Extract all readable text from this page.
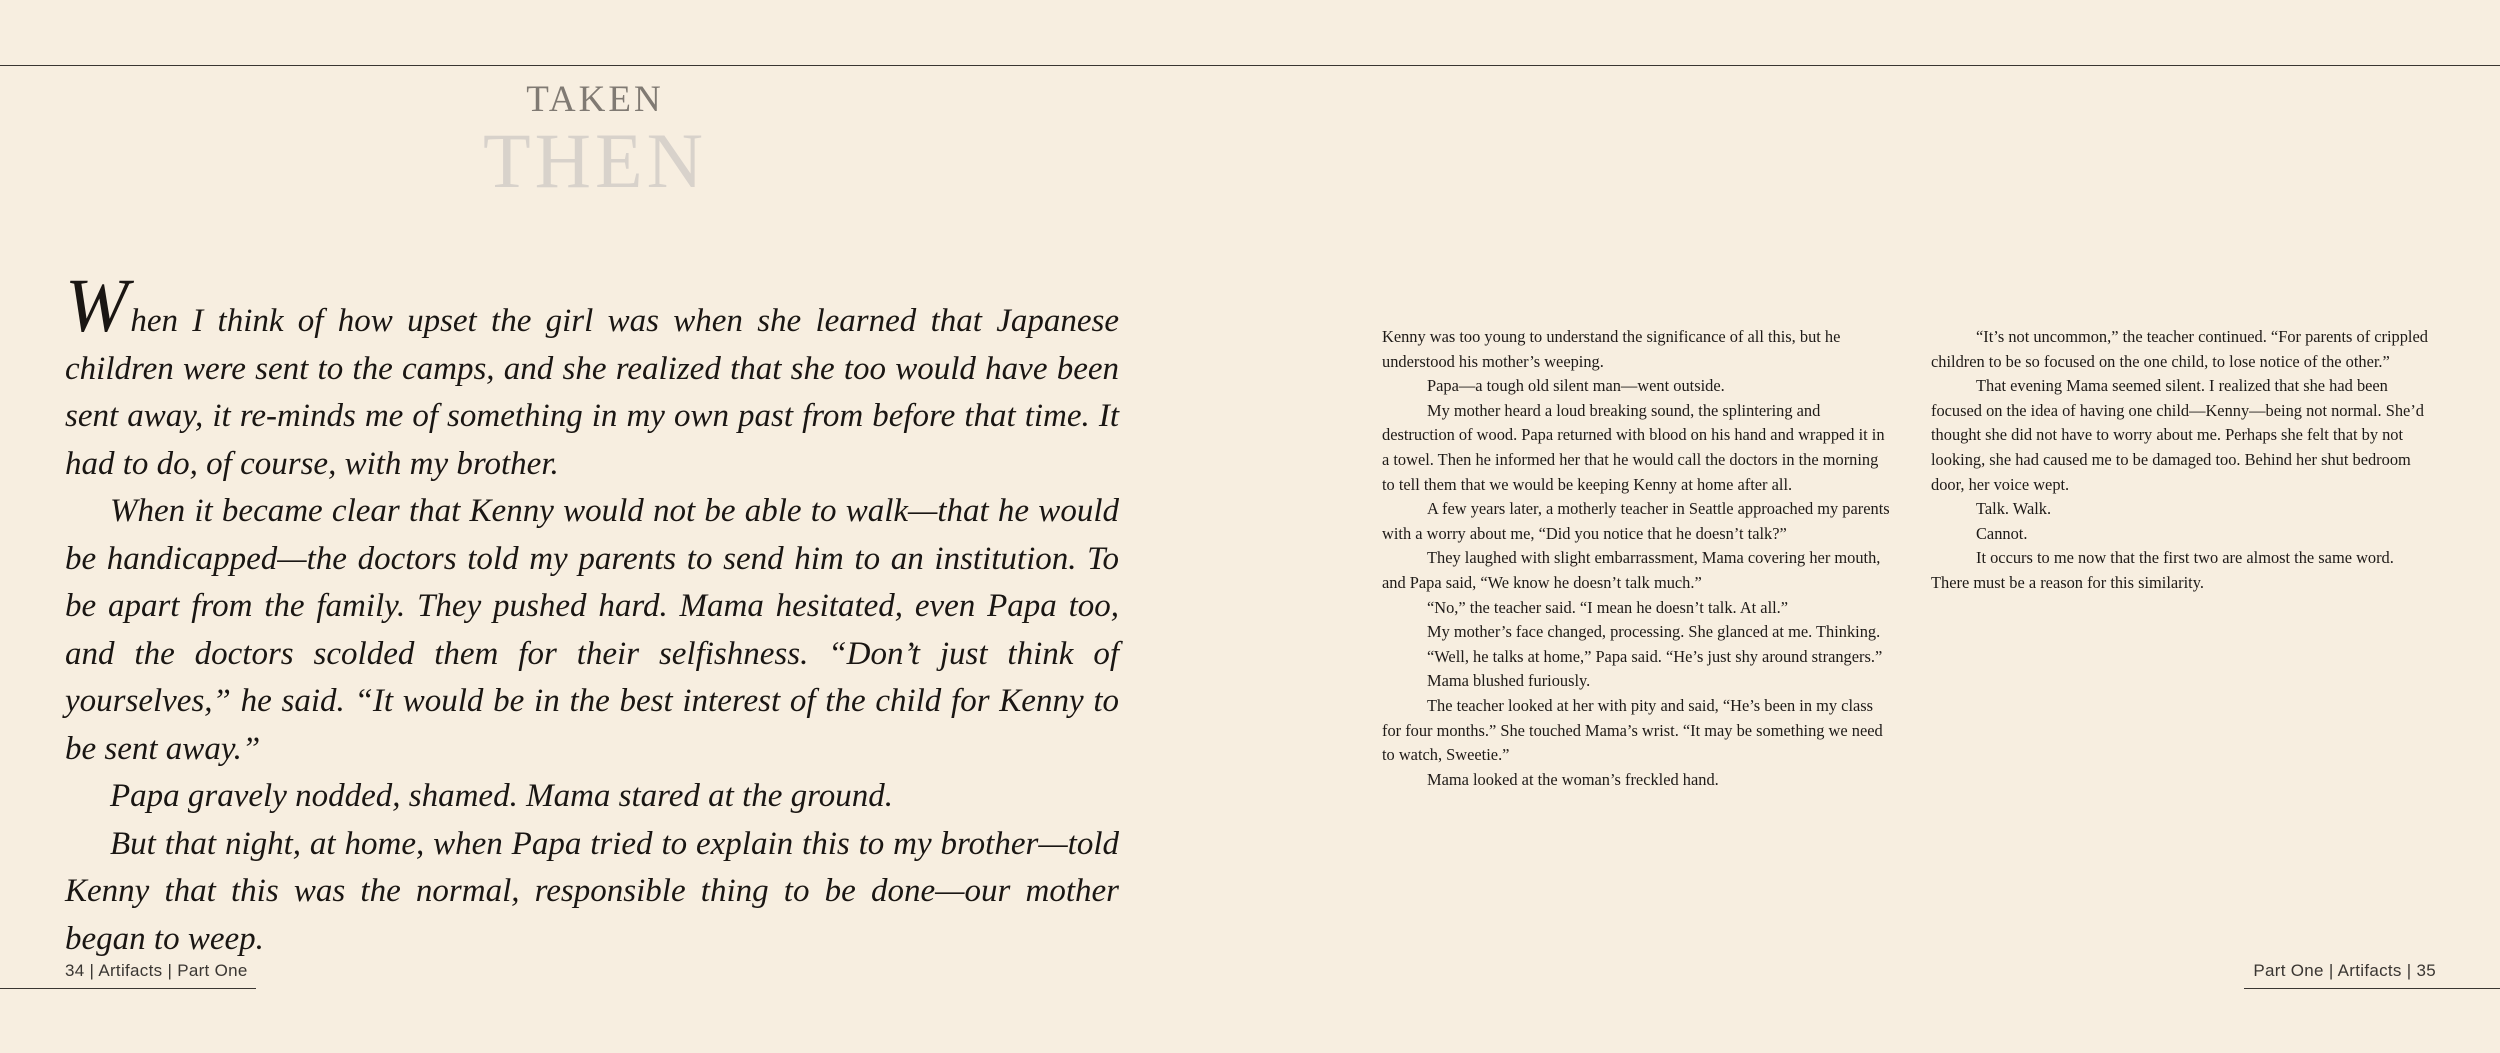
TAKEN
THEN

When I think of how upset the girl was when she learned that Japanese children were sent to the camps, and she realized that she too would have been sent away, it re-minds me of something in my own past from before that time. It had to do, of course, with my brother.

When it became clear that Kenny would not be able to walk—that he would be handicapped—the doctors told my parents to send him to an institution. To be apart from the family. They pushed hard. Mama hesitated, even Papa too, and the doctors scolded them for their selfishness. “Don’t just think of yourselves,” he said. “It would be in the best interest of the child for Kenny to be sent away.”

Papa gravely nodded, shamed. Mama stared at the ground.

But that night, at home, when Papa tried to explain this to my brother—told Kenny that this was the normal, responsible thing to be done—our mother began to weep.

Kenny was too young to understand the significance of all this, but he understood his mother’s weeping.

Papa—a tough old silent man—went outside.

My mother heard a loud breaking sound, the splintering and destruction of wood. Papa returned with blood on his hand and wrapped it in a towel. Then he informed her that he would call the doctors in the morning to tell them that we would be keeping Kenny at home after all.

A few years later, a motherly teacher in Seattle approached my parents with a worry about me, “Did you notice that he doesn’t talk?”

They laughed with slight embarrassment, Mama covering her mouth, and Papa said, “We know he doesn’t talk much.”

“No,” the teacher said. “I mean he doesn’t talk. At all.”

My mother’s face changed, processing. She glanced at me. Thinking.

“Well, he talks at home,” Papa said. “He’s just shy around strangers.”

Mama blushed furiously.

The teacher looked at her with pity and said, “He’s been in my class for four months.” She touched Mama’s wrist. “It may be something we need to watch, Sweetie.”

Mama looked at the woman’s freckled hand.

“It’s not uncommon,” the teacher continued. “For parents of crippled children to be so focused on the one child, to lose notice of the other.”

That evening Mama seemed silent. I realized that she had been focused on the idea of having one child—Kenny—being not normal. She’d thought she did not have to worry about me. Perhaps she felt that by not looking, she had caused me to be damaged too. Behind her shut bedroom door, her voice wept.

Talk. Walk.

Cannot.

It occurs to me now that the first two are almost the same word. There must be a reason for this similarity.

34 | Artifacts | Part One	Part One | Artifacts | 35
